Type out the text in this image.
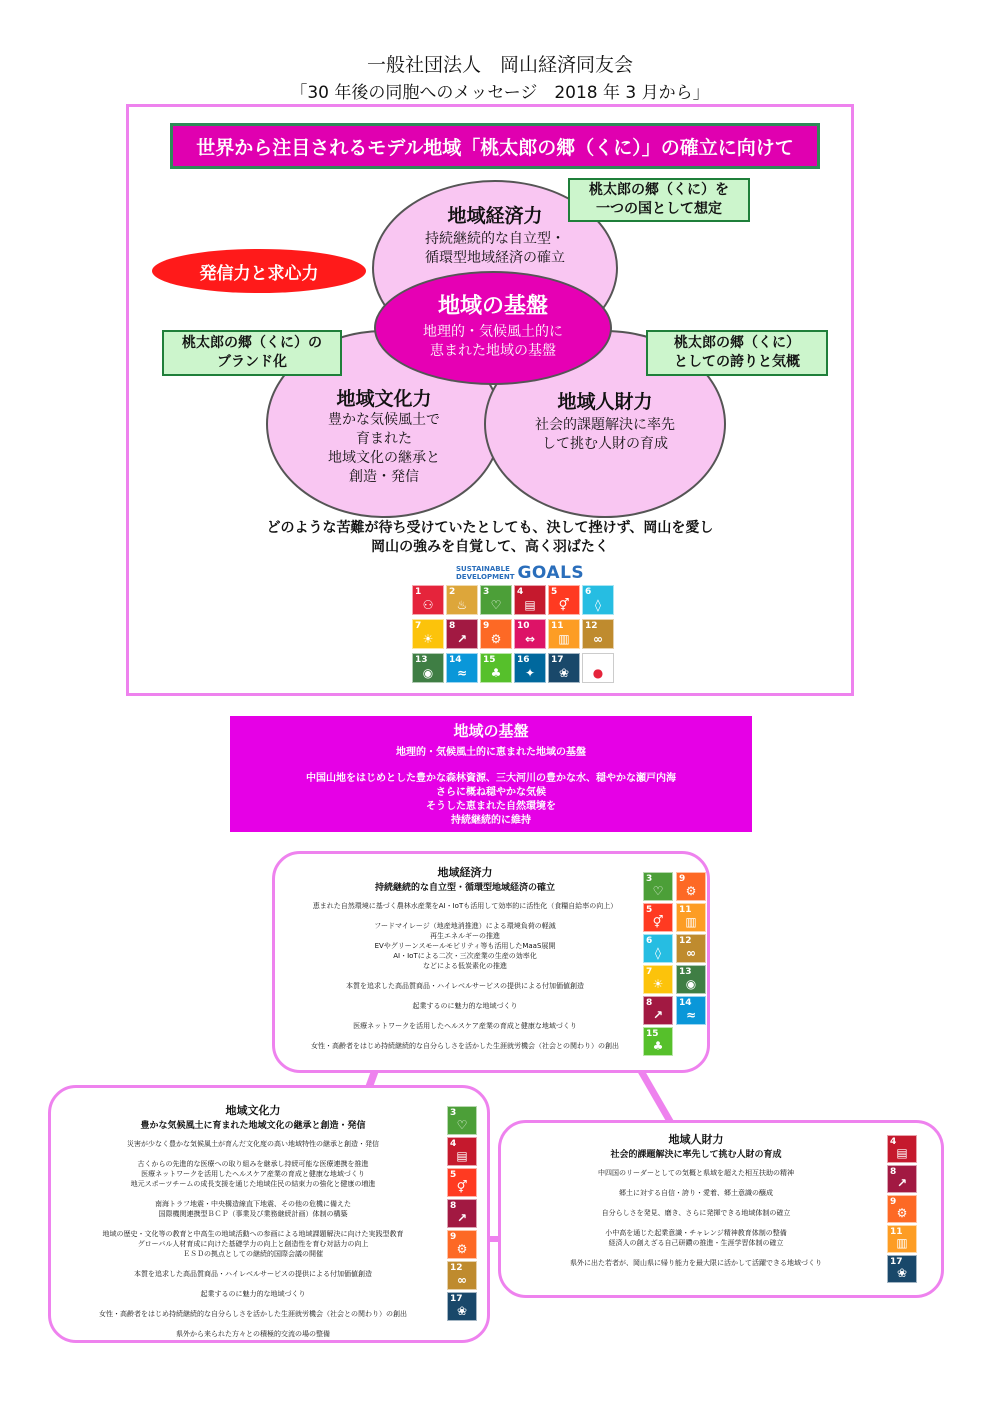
一般社団法人　岡山経済同友会
「30 年後の同胞へのメッセージ　2018 年 3 月から」
世界から注目されるモデル地域「桃太郎の郷（くに）」の確立に向けて
地域経済力
持続継続的な自立型・
循環型地域経済の確立
地域の基盤
地理的・気候風土的に
恵まれた地域の基盤
地域文化力
豊かな気候風土で
育まれた
地域文化の継承と
創造・発信
地域人財力
社会的課題解決に率先
して挑む人財の育成
桃太郎の郷（くに）を
一つの国として想定
桃太郎の郷（くに）の
ブランド化
桃太郎の郷（くに）
としての誇りと気概
発信力と求心力
どのような苦難が待ち受けていたとしても、決して挫けず、岡山を愛し
岡山の強みを自覚して、高く羽ばたく
SUSTAINABLE
DEVELOPMENT GOALS
1
⚇
2
♨
3
♡
4
▤
5
⚥
6
◊
7
☀
8
↗
9
⚙
10
⇔
11
▥
12
∞
13
◉
14
≈
15
♣
16
✦
17
❀	●
地域の基盤
地理的・気候風土的に恵まれた地域の基盤
中国山地をはじめとした豊かな森林資源、三大河川の豊かな水、穏やかな瀬戸内海
さらに概ね穏やかな気候
そうした恵まれた自然環境を
持続継続的に維持
地域経済力
持続継続的な自立型・循環型地域経済の確立
恵まれた自然環境に基づく農林水産業をAI・IoTも活用して効率的に活性化（食糧自給率の向上）

フードマイレージ（地産地消推進）による環境負荷の軽減
再生エネルギーの推進
EVやグリーンスモールモビリティ等も活用したMaaS展開
AI・IoTによる二次・三次産業の生産の効率化
などによる低炭素化の推進

本質を追求した高品質商品・ハイレベルサービスの提供による付加価値創造

起業するのに魅力的な地域づくり

医療ネットワークを活用したヘルスケア産業の育成と健康な地域づくり

女性・高齢者をはじめ持続継続的な自分らしさを活かした生涯就労機会（社会との関わり）の創出
3
♡
9
⚙
5
⚥
11
▥
6
◊
12
∞
7
☀
13
◉
8
↗
14
≈
15
♣
地域文化力
豊かな気候風土に育まれた地域文化の継承と創造・発信
災害が少なく豊かな気候風土が育んだ文化度の高い地域特性の継承と創造・発信

古くからの先進的な医療への取り組みを継承し持続可能な医療連携を推進
医療ネットワークを活用したヘルスケア産業の育成と健康な地域づくり
地元スポーツチームの成長支援を通じた地域住民の結束力の強化と健康の増進

南海トラフ地震・中央構造線直下地震、その他の危機に備えた
国際機関連携型ＢＣＰ（事業及び業務継続計画）体制の構築

地域の歴史・文化等の教育と中高生の地域活動への参画による地域課題解決に向けた実践型教育
グローバル人材育成に向けた基礎学力の向上と創造性を育む対話力の向上
ＥＳＤの拠点としての継続的国際会議の開催

本質を追求した高品質商品・ハイレベルサービスの提供による付加価値創造

起業するのに魅力的な地域づくり

女性・高齢者をはじめ持続継続的な自分らしさを活かした生涯就労機会（社会との関わり）の創出

県外から来られた方々との積極的交流の場の整備
3
♡
4
▤
5
⚥
8
↗
9
⚙
12
∞
17
❀
地域人財力
社会的課題解決に率先して挑む人財の育成
中四国のリーダーとしての気概と県域を超えた相互扶助の精神

郷土に対する自信・誇り・愛着、郷土意識の醸成

自分らしさを発見、磨き、さらに発揮できる地域体制の確立

小中高を通じた起業意識・チャレンジ精神教育体制の整備
経済人の創えざる自己研鑽の推進・生涯学習体制の確立

県外に出た若者が、岡山県に帰り能力を最大限に活かして活躍できる地域づくり
4
▤
8
↗
9
⚙
11
▥
17
❀
